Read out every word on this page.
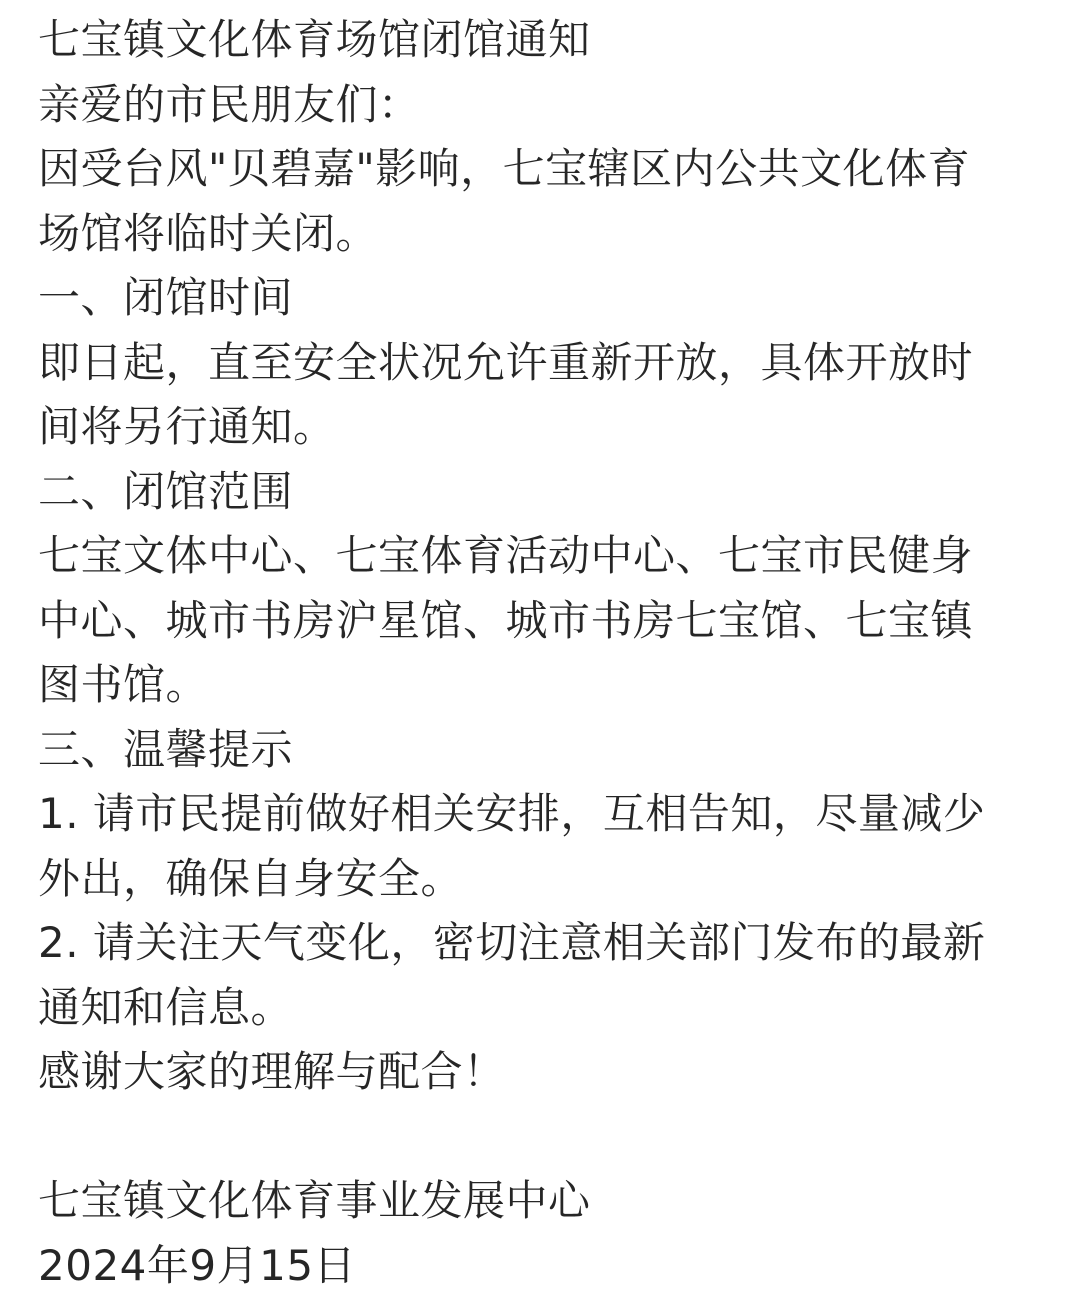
七宝镇文化体育场馆闭馆通知
亲爱的市民朋友们：
因受台风"贝碧嘉"影响，七宝辖区内公共文化体育
场馆将临时关闭。
一、闭馆时间
即日起，直至安全状况允许重新开放，具体开放时
间将另行通知。
二、闭馆范围
七宝文体中心、七宝体育活动中心、七宝市民健身
中心、城市书房沪星馆、城市书房七宝馆、七宝镇
图书馆。
三、温馨提示
1. 请市民提前做好相关安排，互相告知，尽量减少
外出，确保自身安全。
2. 请关注天气变化，密切注意相关部门发布的最新
通知和信息。
感谢大家的理解与配合！
七宝镇文化体育事业发展中心
2024年9月15日
